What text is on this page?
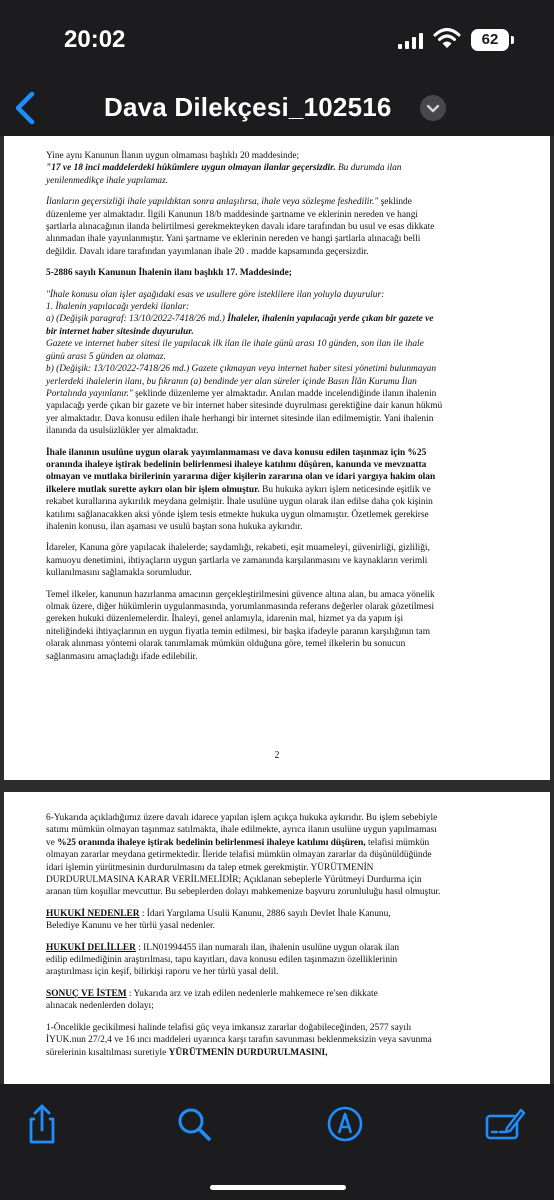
20:02	62
Dava Dilekçesi_102516
Yine aynı Kanunun İlanın uygun olmaması başlıklı 20 maddesinde;
"17 ve 18 inci maddelerdeki hükümlere uygun olmayan ilanlar geçersizdir. Bu durumda ilan
yenilenmedikçe ihale yapılamaz.
İlanların geçersizliği ihale yapıldıktan sonra anlaşılırsa, ihale veya sözleşme feshedilir." şeklinde
düzenleme yer almaktadır. İlgili Kanunun 18/b maddesinde şartname ve eklerinin nereden ve hangi
şartlarla alınacağının ilanda belirtilmesi gerekmekteyken davalı idare tarafından bu usul ve esas dikkate
alınmadan ihale yayınlanmıştır. Yani şartname ve eklerinin nereden ve hangi şartlarla alınacağı belli
değildir. Davalı idare tarafından yayımlanan ihale 20 . madde kapsamında geçersizdir.
5-2886 sayılı Kanunun İhalenin ilanı başlıklı 17. Maddesinde;
"İhale konusu olan işler aşağıdaki esas ve usullere göre isteklilere ilan yoluyla duyurulur:
1. İhalenin yapılacağı yerdeki ilanlar:
a) (Değişik paragraf: 13/10/2022-7418/26 md.) İhaleler, ihalenin yapılacağı yerde çıkan bir gazete ve
bir internet haber sitesinde duyurulur.
Gazete ve internet haber sitesi ile yapılacak ilk ilan ile ihale günü arası 10 günden, son ilan ile ihale
günü arası 5 günden az olamaz.
b) (Değişik: 13/10/2022-7418/26 md.) Gazete çıkmayan veya internet haber sitesi yönetimi bulunmayan
yerlerdeki ihalelerin ilanı, bu fıkranın (a) bendinde yer alan süreler içinde Basın İlân Kurumu İlan
Portalında yayınlanır." şeklinde düzenleme yer almaktadır. Anılan madde incelendiğinde ilanın ihalenin
yapılacağı yerde çıkan bir gazete ve bir internet haber sitesinde duyrulması gerektiğine dair kanun hükmü
yer almaktadır. Dava konusu edilen ihale herhangi bir internet sitesinde ilan edilmemiştir. Yani ihalenin
ilanında da usulsüzlükler yer almaktadır.
İhale ilanının usulüne uygun olarak yayımlanmaması ve dava konusu edilen taşınmaz için %25
oranında ihaleye iştirak bedelinin belirlenmesi ihaleye katılımı düşüren, kanunda ve mevzuatta
olmayan ve mutlaka birilerinin yararına diğer kişilerin zararına olan ve idari yargıya hakim olan
ilkelere mutlak surette aykırı olan bir işlem olmuştur. Bu hukuka aykırı işlem neticesinde eşitlik ve
rekabet kurallarına aykırılık meydana gelmiştir. İhale usulüne uygun olarak ilan edilse daha çok kişinin
katılımı sağlanacakken aksi yönde işlem tesis etmekte hukuka uygun olmamıştır. Özetlemek gerekirse
ihalenin konusu, ilan aşaması ve usulü baştan sona hukuka aykırıdır.
İdareler, Kanuna göre yapılacak ihalelerde; saydamlığı, rekabeti, eşit muameleyi, güvenirliği, gizliliği,
kamuoyu denetimini, ihtiyaçların uygun şartlarla ve zamanında karşılanmasını ve kaynakların verimli
kullanılmasını sağlamakla sorumludur.
Temel ilkeler, kanunun hazırlanma amacının gerçekleştirilmesini güvence altına alan, bu amaca yönelik
olmak üzere, diğer hükümlerin uygulanmasında, yorumlanmasında referans değerler olarak gözetilmesi
gereken hukuki düzenlemelerdir. İhaleyi, genel anlamıyla, idarenin mal, hizmet ya da yapım işi
niteliğindeki ihtiyaçlarının en uygun fiyatla temin edilmesi, bir başka ifadeyle paranın karşılığının tam
olarak alınması yöntemi olarak tanımlamak mümkün olduğuna göre, temel ilkelerin bu sonucun
sağlanmasını amaçladığı ifade edilebilir.
2
6-Yukarıda açıkladığımız üzere davalı idarece yapılan işlem açıkça hukuka aykırıdır. Bu işlem sebebiyle
satımı mümkün olmayan taşınmaz satılmakta, ihale edilmekte, ayrıca ilanın usulüne uygun yapılmaması
ve %25 oranında ihaleye iştirak bedelinin belirlenmesi ihaleye katılımı düşüren, telafisi mümkün
olmayan zararlar meydana getirmektedir. İleride telafisi mümkün olmayan zararlar da düşünüldüğünde
idari işlemin yürütmesinin durdurulmasını da talep etmek gerekmiştir. YÜRÜTMENİN
DURDURULMASINA KARAR VERİLMELİDİR; Açıklanan sebeplerle Yürütmeyi Durdurma için
aranan tüm koşullar mevcuttur. Bu sebeplerden dolayı mahkemenize başvuru zorunluluğu hasıl olmuştur.
HUKUKİ NEDENLER : İdari Yargılama Usulü Kanunu, 2886 sayılı Devlet İhale Kanunu,
Belediye Kanunu ve her türlü yasal nedenler.
HUKUKİ DELİLLER : ILN01994455 ilan numaralı ilan, ihalenin usulüne uygun olarak ilan
edilip edilmediğinin araştırılması, tapu kayıtları, dava konusu edilen taşınmazın özelliklerinin
araştırılması için keşif, bilirkişi raporu ve her türlü yasal delil.
SONUÇ VE İSTEM : Yukarıda arz ve izah edilen nedenlerle mahkemece re'sen dikkate
alınacak nedenlerden dolayı;
1-Öncelikle gecikilmesi halinde telafisi güç veya imkansız zararlar doğabileceğinden, 2577 sayılı
İYUK.nun 27/2,4 ve 16 ıncı maddeleri uyarınca karşı tarafın savunması beklenmeksizin veya savunma
sürelerinin kısaltılması suretiyle YÜRÜTMENİN DURDURULMASINI,
